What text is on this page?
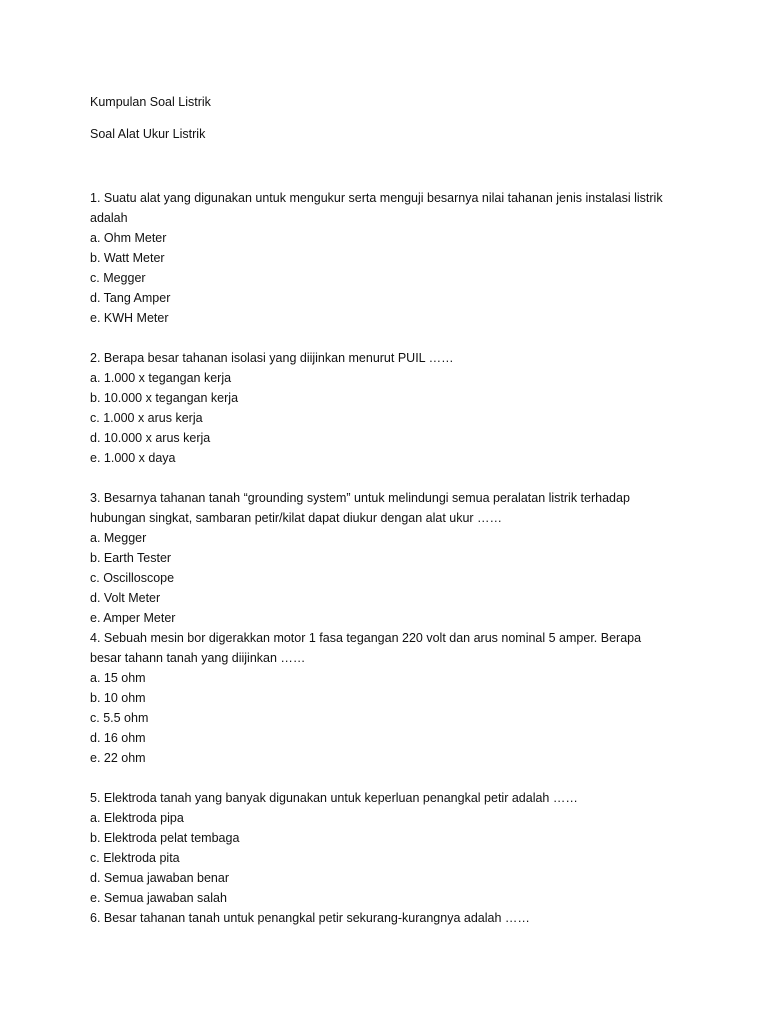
Kumpulan Soal Listrik
Soal Alat Ukur Listrik
1. Suatu alat yang digunakan untuk mengukur serta menguji besarnya nilai tahanan jenis instalasi listrik
adalah
a. Ohm Meter
b. Watt Meter
c. Megger
d. Tang Amper
e. KWH Meter
2. Berapa besar tahanan isolasi yang diijinkan menurut PUIL ……
a. 1.000 x tegangan kerja
b. 10.000 x tegangan kerja
c. 1.000 x arus kerja
d. 10.000 x arus kerja
e. 1.000 x daya
3. Besarnya tahanan tanah “grounding system” untuk melindungi semua peralatan listrik terhadap
hubungan singkat, sambaran petir/kilat dapat diukur dengan alat ukur ……
a. Megger
b. Earth Tester
c. Oscilloscope
d. Volt Meter
e. Amper Meter
4. Sebuah mesin bor digerakkan motor 1 fasa tegangan 220 volt dan arus nominal 5 amper. Berapa
besar tahann tanah yang diijinkan ……
a. 15 ohm
b. 10 ohm
c. 5.5 ohm
d. 16 ohm
e. 22 ohm
5. Elektroda tanah yang banyak digunakan untuk keperluan penangkal petir adalah ……
a. Elektroda pipa
b. Elektroda pelat tembaga
c. Elektroda pita
d. Semua jawaban benar
e. Semua jawaban salah
6. Besar tahanan tanah untuk penangkal petir sekurang-kurangnya adalah ……
